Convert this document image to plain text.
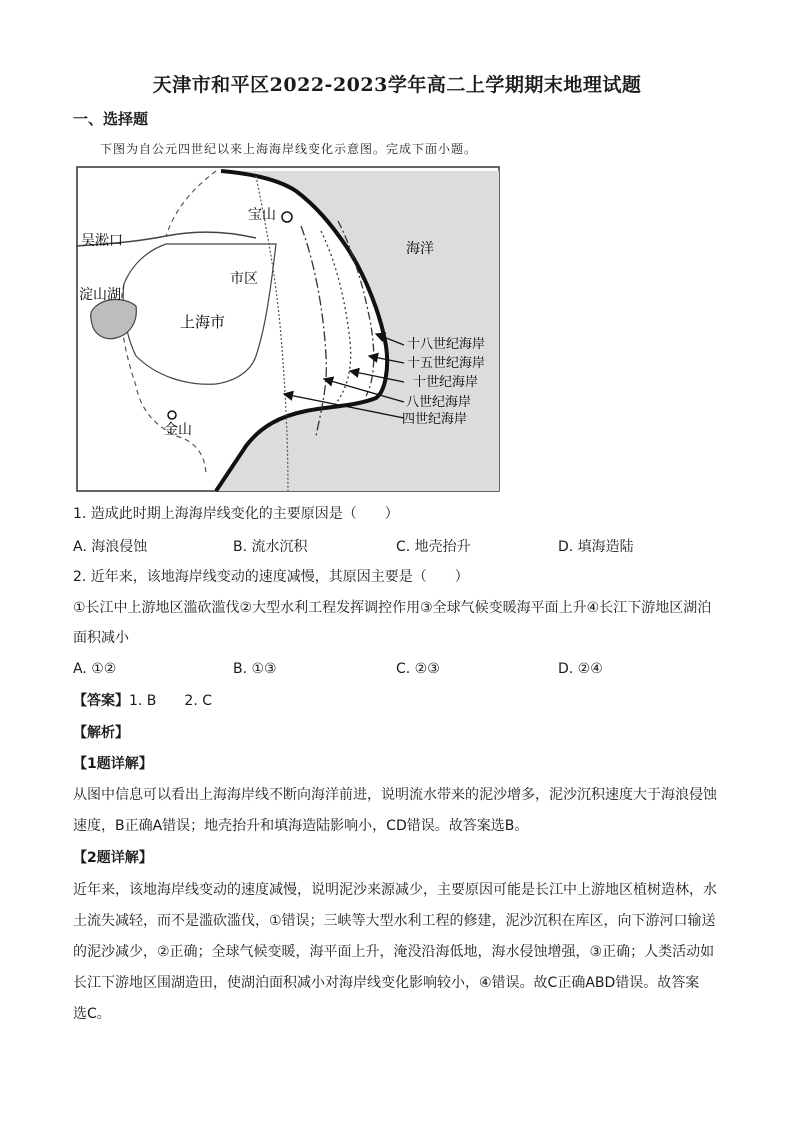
天津市和平区2022-2023学年高二上学期期末地理试题
一、选择题
下图为自公元四世纪以来上海海岸线变化示意图。完成下面小题。
宝山
吴淞口	海洋
市区
淀山湖
上海市
金山
十八世纪海岸
十五世纪海岸
十世纪海岸
八世纪海岸
四世纪海岸
1. 造成此时期上海海岸线变化的主要原因是（　　）
A. 海浪侵蚀	B. 流水沉积	C. 地壳抬升	D. 填海造陆
2. 近年来，该地海岸线变动的速度减慢，其原因主要是（　　）
①长江中上游地区滥砍滥伐②大型水利工程发挥调控作用③全球气候变暖海平面上升④长江下游地区湖泊
面积减小
A. ①②	B. ①③	C. ②③	D. ②④
【答案】1. B　　2. C
【解析】
【1题详解】
从图中信息可以看出上海海岸线不断向海洋前进，说明流水带来的泥沙增多，泥沙沉积速度大于海浪侵蚀
速度，B正确A错误；地壳抬升和填海造陆影响小，CD错误。故答案选B。
【2题详解】
近年来，该地海岸线变动的速度减慢，说明泥沙来源减少，主要原因可能是长江中上游地区植树造林，水
土流失减轻，而不是滥砍滥伐，①错误；三峡等大型水利工程的修建，泥沙沉积在库区，向下游河口输送
的泥沙减少，②正确；全球气候变暖，海平面上升，淹没沿海低地，海水侵蚀增强，③正确；人类活动如
长江下游地区围湖造田，使湖泊面积减小对海岸线变化影响较小，④错误。故C正确ABD错误。故答案
选C。
